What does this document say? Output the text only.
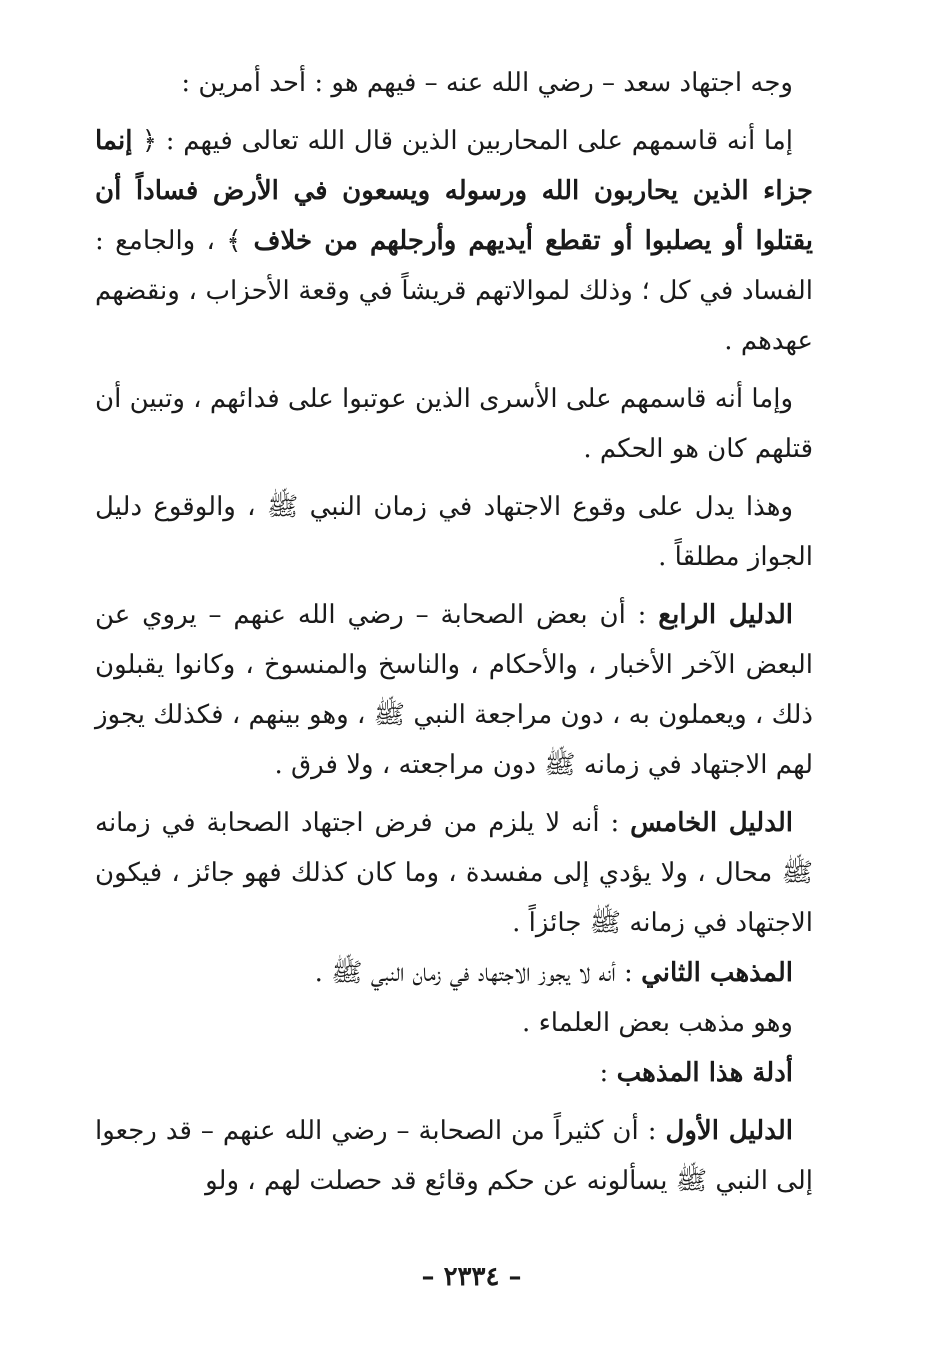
وجه اجتهاد سعد – رضي الله عنه – فيهم هو : أحد أمرين :

إما أنه قاسمهم على المحاربين الذين قال الله تعالى فيهم : ﴿ إنما جزاء الذين يحاربون الله ورسوله ويسعون في الأرض فساداً أن يقتلوا أو يصلبوا أو تقطع أيديهم وأرجلهم من خلاف ﴾ ، والجامع : الفساد في كل ؛ وذلك لموالاتهم قريشاً في وقعة الأحزاب ، ونقضهم عهدهم .

وإما أنه قاسمهم على الأسرى الذين عوتبوا على فدائهم ، وتبين أن قتلهم كان هو الحكم .

وهذا يدل على وقوع الاجتهاد في زمان النبي ﷺ ، والوقوع دليل الجواز مطلقاً .

الدليل الرابع : أن بعض الصحابة – رضي الله عنهم – يروي عن البعض الآخر الأخبار ، والأحكام ، والناسخ والمنسوخ ، وكانوا يقبلون ذلك ، ويعملون به ، دون مراجعة النبي ﷺ ، وهو بينهم ، فكذلك يجوز لهم الاجتهاد في زمانه ﷺ دون مراجعته ، ولا فرق .

الدليل الخامس : أنه لا يلزم من فرض اجتهاد الصحابة في زمانه ﷺ محال ، ولا يؤدي إلى مفسدة ، وما كان كذلك فهو جائز ، فيكون الاجتهاد في زمانه ﷺ جائزاً .

المذهب الثاني : أنه لا يجوز الاجتهاد في زمان النبي ﷺ .

وهو مذهب بعض العلماء .

أدلة هذا المذهب :

الدليل الأول : أن كثيراً من الصحابة – رضي الله عنهم – قد رجعوا إلى النبي ﷺ يسألونه عن حكم وقائع قد حصلت لهم ، ولو

– ٢٣٣٤ –
